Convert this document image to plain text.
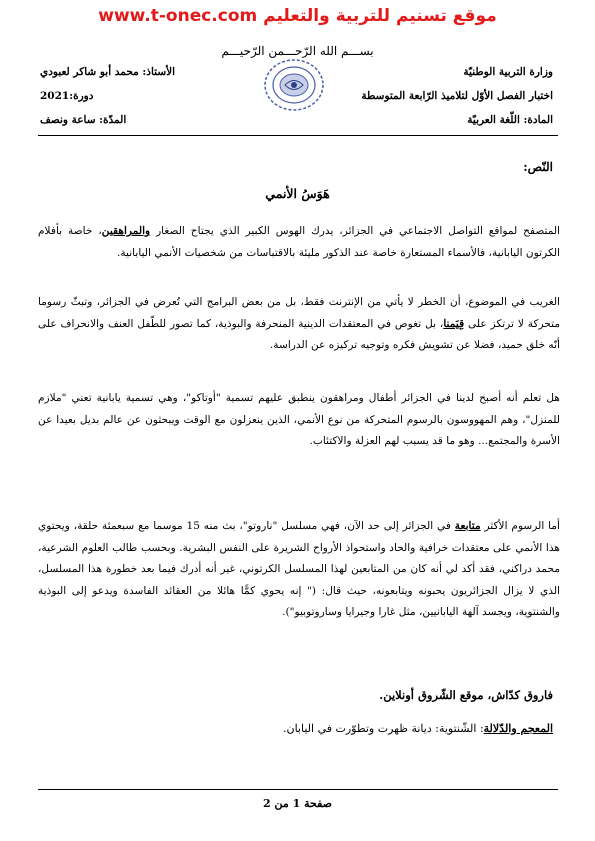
www.t-onec.com موقع تسنيم للتربية والتعليم
بســـم الله الرّحـــمن الرّحيـــم
وزارة التربية الوطنيّة
اختبار الفصل الأوّل لتلاميذ الرّابعة المتوسطة
المادة: اللّغة العربيّة
الأستاذ: محمد أبو شاكر لعبودي
دورة:2021
المدّة: ساعة ونصف
النّص:
هَوَسُ الأنمي
المتصفح لمواقع التواصل الاجتماعي في الجزائر، يدرك الهوس الكبير الذي يجتاح الصغار والمراهقين، خاصة بأفلام الكرتون اليابانية، فالأسماء المستعارة خاصة عند الذكور مليئة بالاقتباسات من شخصيات الأنمي اليابانية.
الغريب في الموضوع، أن الخطر لا يأتي من الإنترنت فقط، بل من بعض البرامج التي تُعرض في الجزائر، وتبثّ رسوما متحركة لا ترتكز على قِيَمنا، بل تغوص في المعتقدات الدينية المنحرفة والبوذية، كما تصور للطّفل العنف والانحراف على أنّه خلق حميد، فضلا عن تشويش فكره وتوجيه تركيزه عن الدراسة.
هل تعلم أنه أصبح لدينا في الجزائر أطفال ومراهقون ينطبق عليهم تسمية "أوتاكو"، وهي تسمية يابانية تعني "ملازم للمنزل"، وهم المهووسون بالرسوم المتحركة من نوع الأنمي، الذين ينعزلون مع الوقت ويبحثون عن عالم بديل بعيدا عن الأسرة والمجتمع... وهو ما قد يسبب لهم العزلة والاكتئاب.
أما الرسوم الأكثر متابعة في الجزائر إلى حد الآن، فهي مسلسل "ناروتو"، بث منه 15 موسما مع سبعمئة حلقة، ويحتوي هذا الأنمي على معتقدات خرافية والحاد واستحواذ الأرواح الشريرة على النفس البشرية. وبحسب طالب العلوم الشرعية، محمد دراكني، فقد أكد لي أنه كان من المتابعين لهذا المسلسل الكرتوني، غير أنه أدرك فيما بعد خطورة هذا المسلسل، الذي لا يزال الجزائريون يحبونه ويتابعونه، حيث قال: (" إنه يحوي كمًّا هائلا من العقائد الفاسدة ويدعو إلى البوذية والشنتوية، ويجسد آلهة اليابانيين، مثل غارا وجيرايا وساروتوبيو").
فاروق كدّاش، موقع الشّروق أونلاين.
المعجم والدّلالة: الشّنتوية: ديانة ظهرت وتطوّرت في اليابان.
صفحة 1 من 2
